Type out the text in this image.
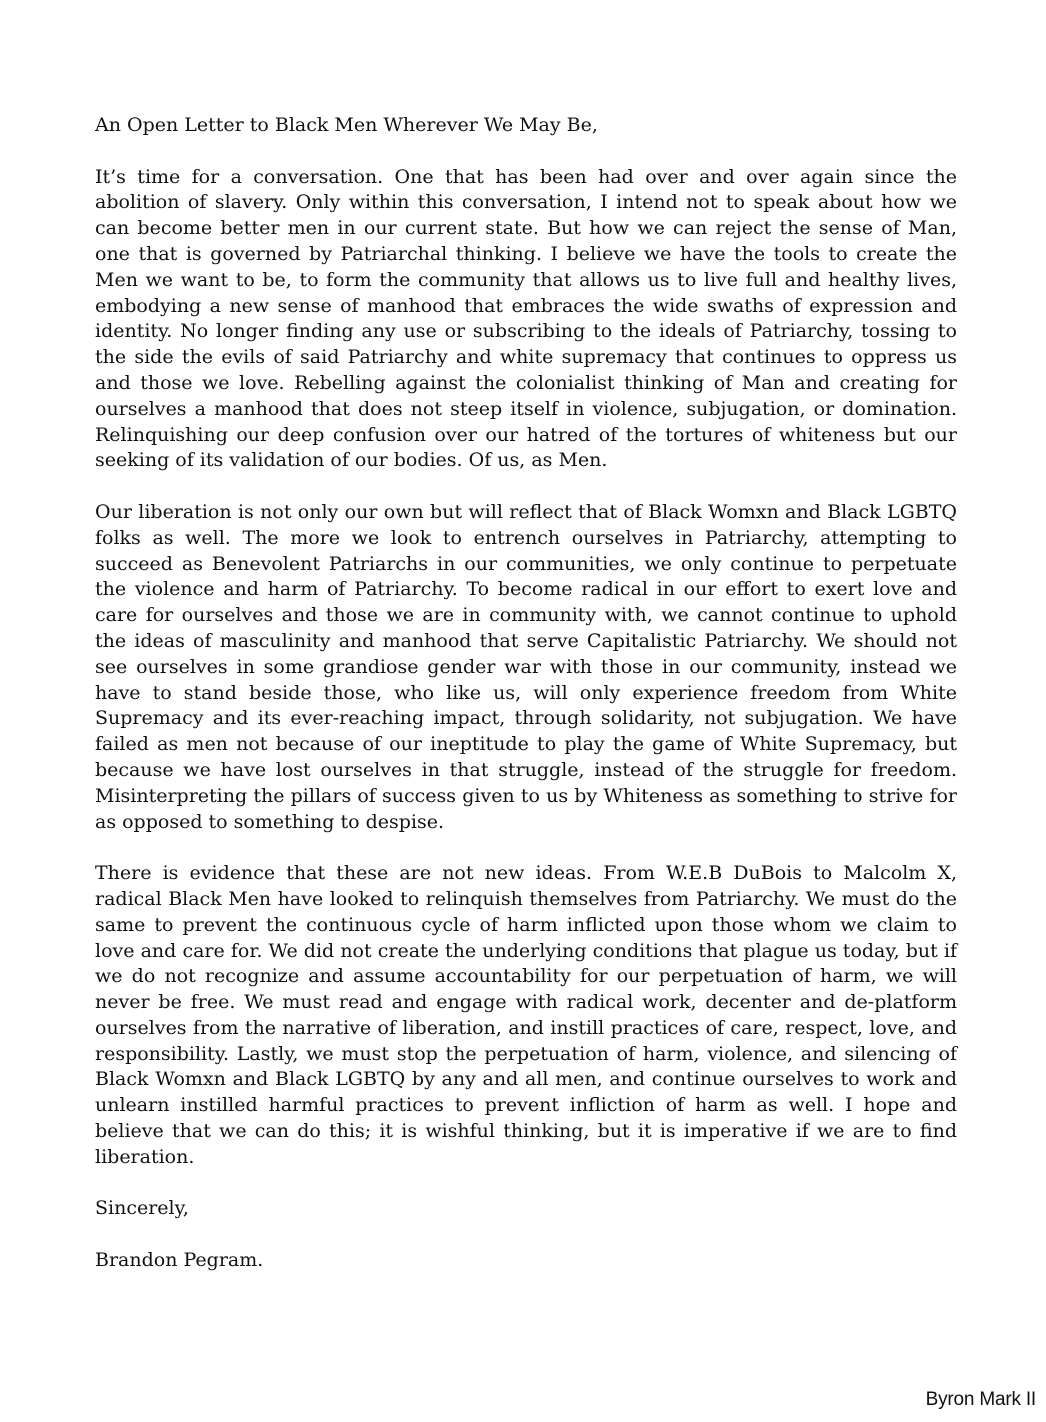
An Open Letter to Black Men Wherever We May Be,

It’s time for a conversation. One that has been had over and over again since the abolition of slavery. Only within this conversation, I intend not to speak about how we can become better men in our current state. But how we can reject the sense of Man, one that is governed by Patriarchal thinking. I believe we have the tools to create the Men we want to be, to form the community that allows us to live full and healthy lives, embodying a new sense of manhood that embraces the wide swaths of expression and identity. No longer finding any use or subscribing to the ideals of Patriarchy, tossing to the side the evils of said Patriarchy and white supremacy that continues to oppress us and those we love. Rebelling against the colonialist thinking of Man and creating for ourselves a manhood that does not steep itself in violence, subjugation, or domination. Relinquishing our deep confusion over our hatred of the tortures of whiteness but our seeking of its validation of our bodies. Of us, as Men.

Our liberation is not only our own but will reflect that of Black Womxn and Black LGBTQ folks as well. The more we look to entrench ourselves in Patriarchy, attempting to succeed as Benevolent Patriarchs in our communities, we only continue to perpetuate the violence and harm of Patriarchy. To become radical in our effort to exert love and care for ourselves and those we are in community with, we cannot continue to uphold the ideas of masculinity and manhood that serve Capitalistic Patriarchy. We should not see ourselves in some grandiose gender war with those in our community, instead we have to stand beside those, who like us, will only experience freedom from White Supremacy and its ever-reaching impact, through solidarity, not subjugation. We have failed as men not because of our ineptitude to play the game of White Supremacy, but because we have lost ourselves in that struggle, instead of the struggle for freedom. Misinterpreting the pillars of success given to us by Whiteness as something to strive for as opposed to something to despise.

There is evidence that these are not new ideas. From W.E.B DuBois to Malcolm X, radical Black Men have looked to relinquish themselves from Patriarchy. We must do the same to prevent the continuous cycle of harm inflicted upon those whom we claim to love and care for. We did not create the underlying conditions that plague us today, but if we do not recognize and assume accountability for our perpetuation of harm, we will never be free. We must read and engage with radical work, decenter and de-platform ourselves from the narrative of liberation, and instill practices of care, respect, love, and responsibility. Lastly, we must stop the perpetuation of harm, violence, and silencing of Black Womxn and Black LGBTQ by any and all men, and continue ourselves to work and unlearn instilled harmful practices to prevent infliction of harm as well. I hope and believe that we can do this; it is wishful thinking, but it is imperative if we are to find liberation.

Sincerely,

Brandon Pegram.

Byron Mark II
